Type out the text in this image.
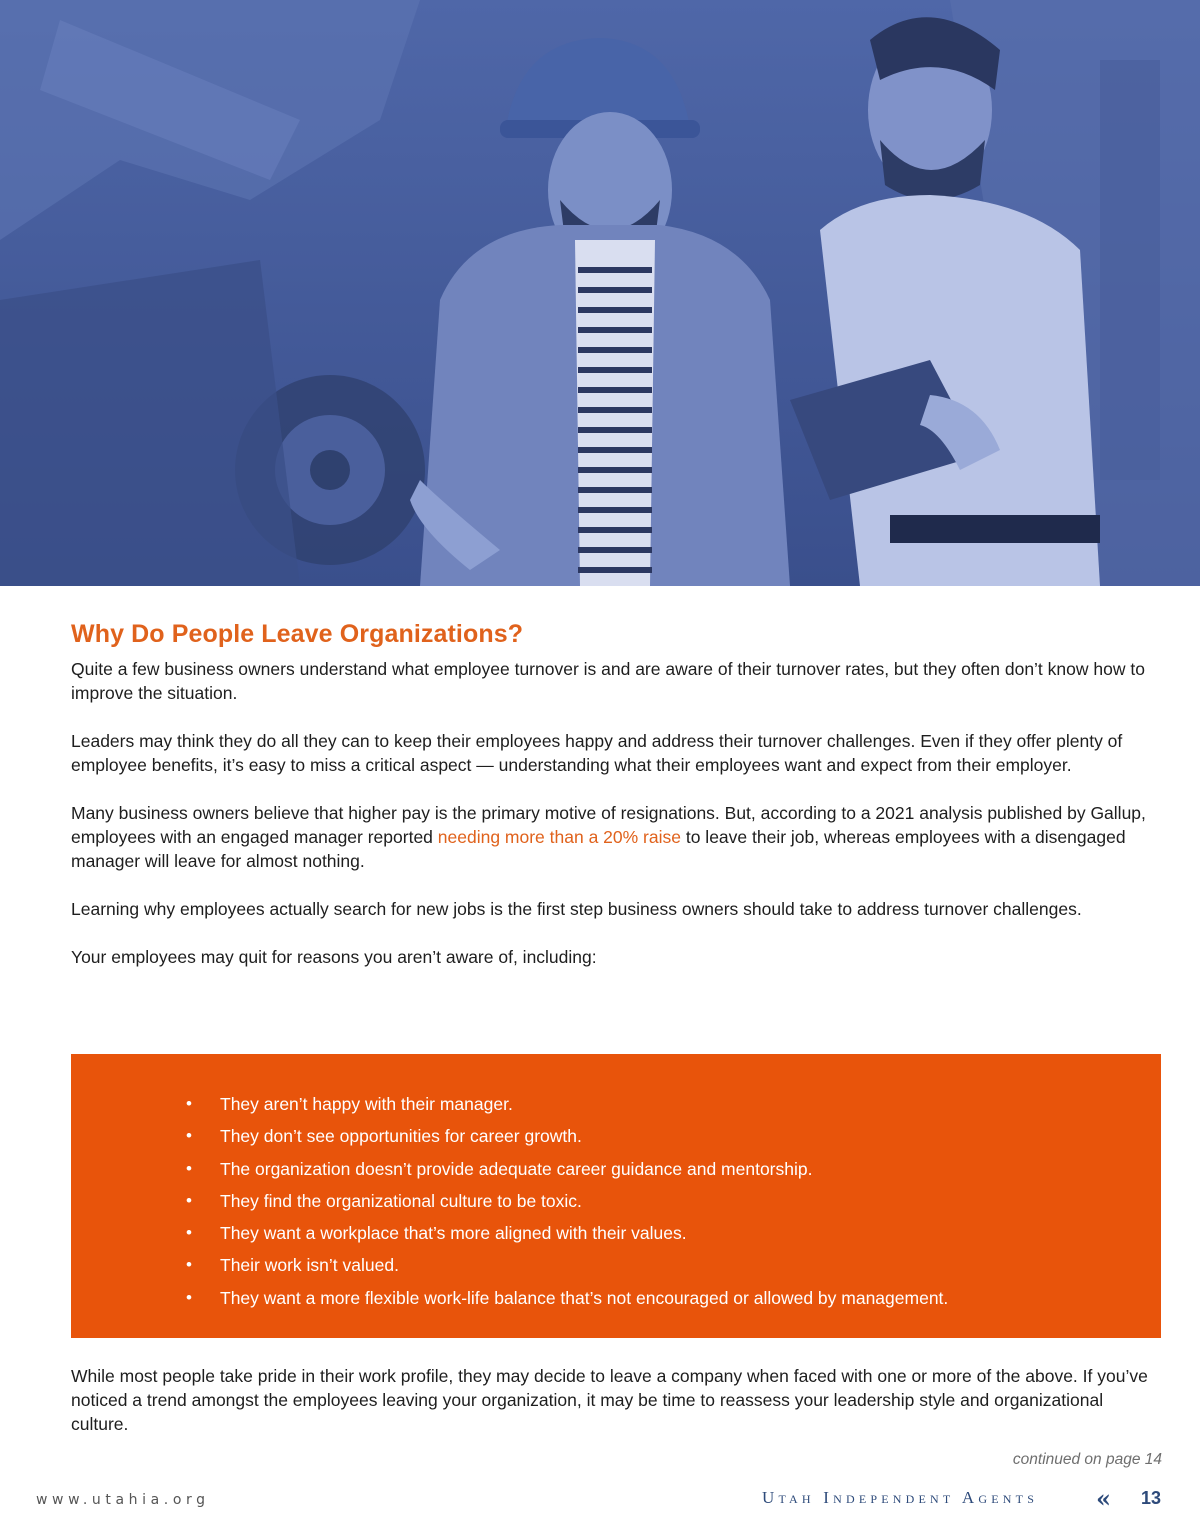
Why Do People Leave Organizations?

Quite a few business owners understand what employee turnover is and are aware of their turnover rates, but they often don’t know how to improve the situation.

Leaders may think they do all they can to keep their employees happy and address their turnover challenges. Even if they offer plenty of employee benefits, it’s easy to miss a critical aspect — understanding what their employees want and expect from their employer.

Many business owners believe that higher pay is the primary motive of resignations. But, according to a 2021 analysis published by Gallup, employees with an engaged manager reported needing more than a 20% raise to leave their job, whereas employees with a disengaged manager will leave for almost nothing.

Learning why employees actually search for new jobs is the first step business owners should take to address turnover challenges.

Your employees may quit for reasons you aren’t aware of, including:

• They aren’t happy with their manager.
• They don’t see opportunities for career growth.
• The organization doesn’t provide adequate career guidance and mentorship.
• They find the organizational culture to be toxic.
• They want a workplace that’s more aligned with their values.
• Their work isn’t valued.
• They want a more flexible work-life balance that’s not encouraged or allowed by management.

While most people take pride in their work profile, they may decide to leave a company when faced with one or more of the above. If you’ve noticed a trend amongst the employees leaving your organization, it may be time to reassess your leadership style and organizational culture.

continued on page 14
www.utahia.org	Utah Independent Agents « 13
